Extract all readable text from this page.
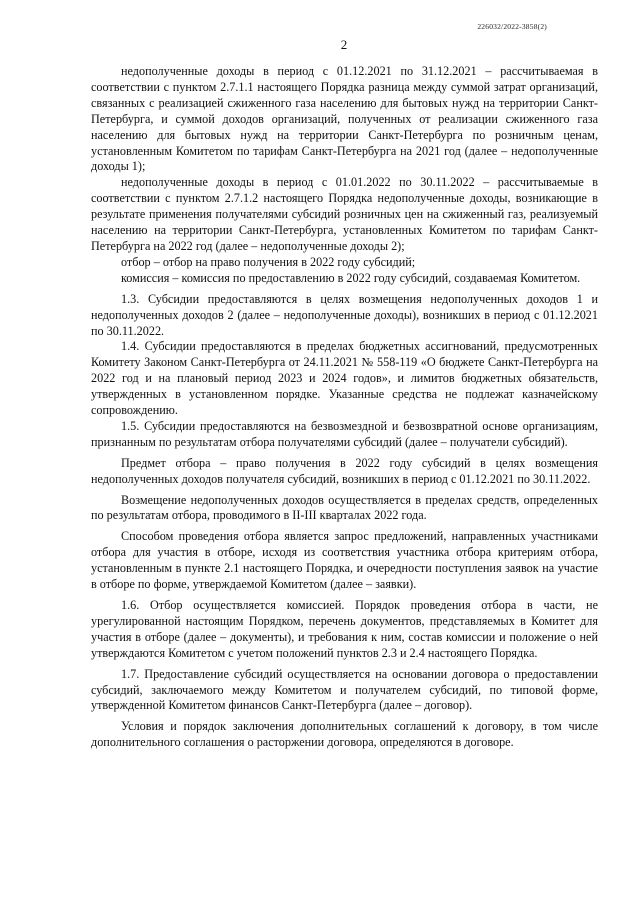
226032/2022-3858(2)
2

недополученные доходы в период с 01.12.2021 по 31.12.2021 – рассчитываемая в соответствии с пунктом 2.7.1.1 настоящего Порядка разница между суммой затрат организаций, связанных с реализацией сжиженного газа населению для бытовых нужд на территории Санкт-Петербурга, и суммой доходов организаций, полученных от реализации сжиженного газа населению для бытовых нужд на территории Санкт-Петербурга по розничным ценам, установленным Комитетом по тарифам Санкт-Петербурга на 2021 год (далее – недополученные доходы 1);

недополученные доходы в период с 01.01.2022 по 30.11.2022 – рассчитываемые в соответствии с пунктом 2.7.1.2 настоящего Порядка недополученные доходы, возникающие в результате применения получателями субсидий розничных цен на сжиженный газ, реализуемый населению на территории Санкт-Петербурга, установленных Комитетом по тарифам Санкт-Петербурга на 2022 год (далее – недополученные доходы 2);

отбор – отбор на право получения в 2022 году субсидий;

комиссия – комиссия по предоставлению в 2022 году субсидий, создаваемая Комитетом.

1.3. Субсидии предоставляются в целях возмещения недополученных доходов 1 и недополученных доходов 2 (далее – недополученные доходы), возникших в период с 01.12.2021 по 30.11.2022.

1.4. Субсидии предоставляются в пределах бюджетных ассигнований, предусмотренных Комитету Законом Санкт-Петербурга от 24.11.2021 № 558-119 «О бюджете Санкт-Петербурга на 2022 год и на плановый период 2023 и 2024 годов», и лимитов бюджетных обязательств, утвержденных в установленном порядке. Указанные средства не подлежат казначейскому сопровождению.

1.5. Субсидии предоставляются на безвозмездной и безвозвратной основе организациям, признанным по результатам отбора получателями субсидий (далее – получатели субсидий).

Предмет отбора – право получения в 2022 году субсидий в целях возмещения недополученных доходов получателя субсидий, возникших в период с 01.12.2021 по 30.11.2022.

Возмещение недополученных доходов осуществляется в пределах средств, определенных по результатам отбора, проводимого в II-III кварталах 2022 года.

Способом проведения отбора является запрос предложений, направленных участниками отбора для участия в отборе, исходя из соответствия участника отбора критериям отбора, установленным в пункте 2.1 настоящего Порядка, и очередности поступления заявок на участие в отборе по форме, утверждаемой Комитетом (далее – заявки).

1.6. Отбор осуществляется комиссией. Порядок проведения отбора в части, не урегулированной настоящим Порядком, перечень документов, представляемых в Комитет для участия в отборе (далее – документы), и требования к ним, состав комиссии и положение о ней утверждаются Комитетом с учетом положений пунктов 2.3 и 2.4 настоящего Порядка.

1.7. Предоставление субсидий осуществляется на основании договора о предоставлении субсидий, заключаемого между Комитетом и получателем субсидий, по типовой форме, утвержденной Комитетом финансов Санкт-Петербурга (далее – договор).

Условия и порядок заключения дополнительных соглашений к договору, в том числе дополнительного соглашения о расторжении договора, определяются в договоре.
